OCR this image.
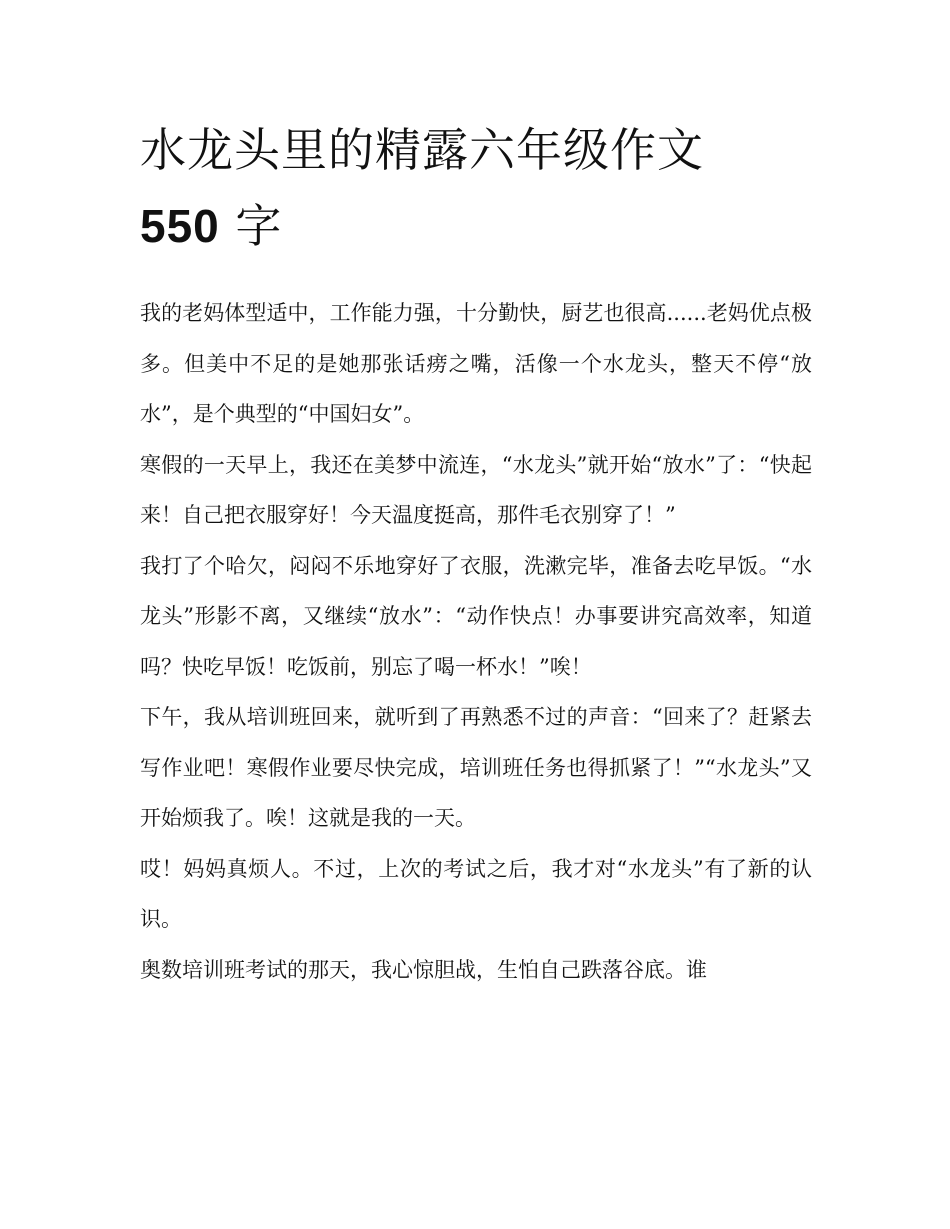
水龙头里的精露六年级作文
550 字

我的老妈体型适中，工作能力强，十分勤快，厨艺也很高......老妈优点极多。但美中不足的是她那张话痨之嘴，活像一个水龙头，整天不停“放水”，是个典型的“中国妇女”。

寒假的一天早上，我还在美梦中流连，“水龙头”就开始“放水”了：“快起来！自己把衣服穿好！今天温度挺高，那件毛衣别穿了！”

我打了个哈欠，闷闷不乐地穿好了衣服，洗漱完毕，准备去吃早饭。“水龙头”形影不离，又继续“放水”：“动作快点！办事要讲究高效率，知道吗？快吃早饭！吃饭前，别忘了喝一杯水！”唉！

下午，我从培训班回来，就听到了再熟悉不过的声音：“回来了？赶紧去写作业吧！寒假作业要尽快完成，培训班任务也得抓紧了！”“水龙头”又开始烦我了。唉！这就是我的一天。

哎！妈妈真烦人。不过，上次的考试之后，我才对“水龙头”有了新的认识。

奥数培训班考试的那天，我心惊胆战，生怕自己跌落谷底。谁
